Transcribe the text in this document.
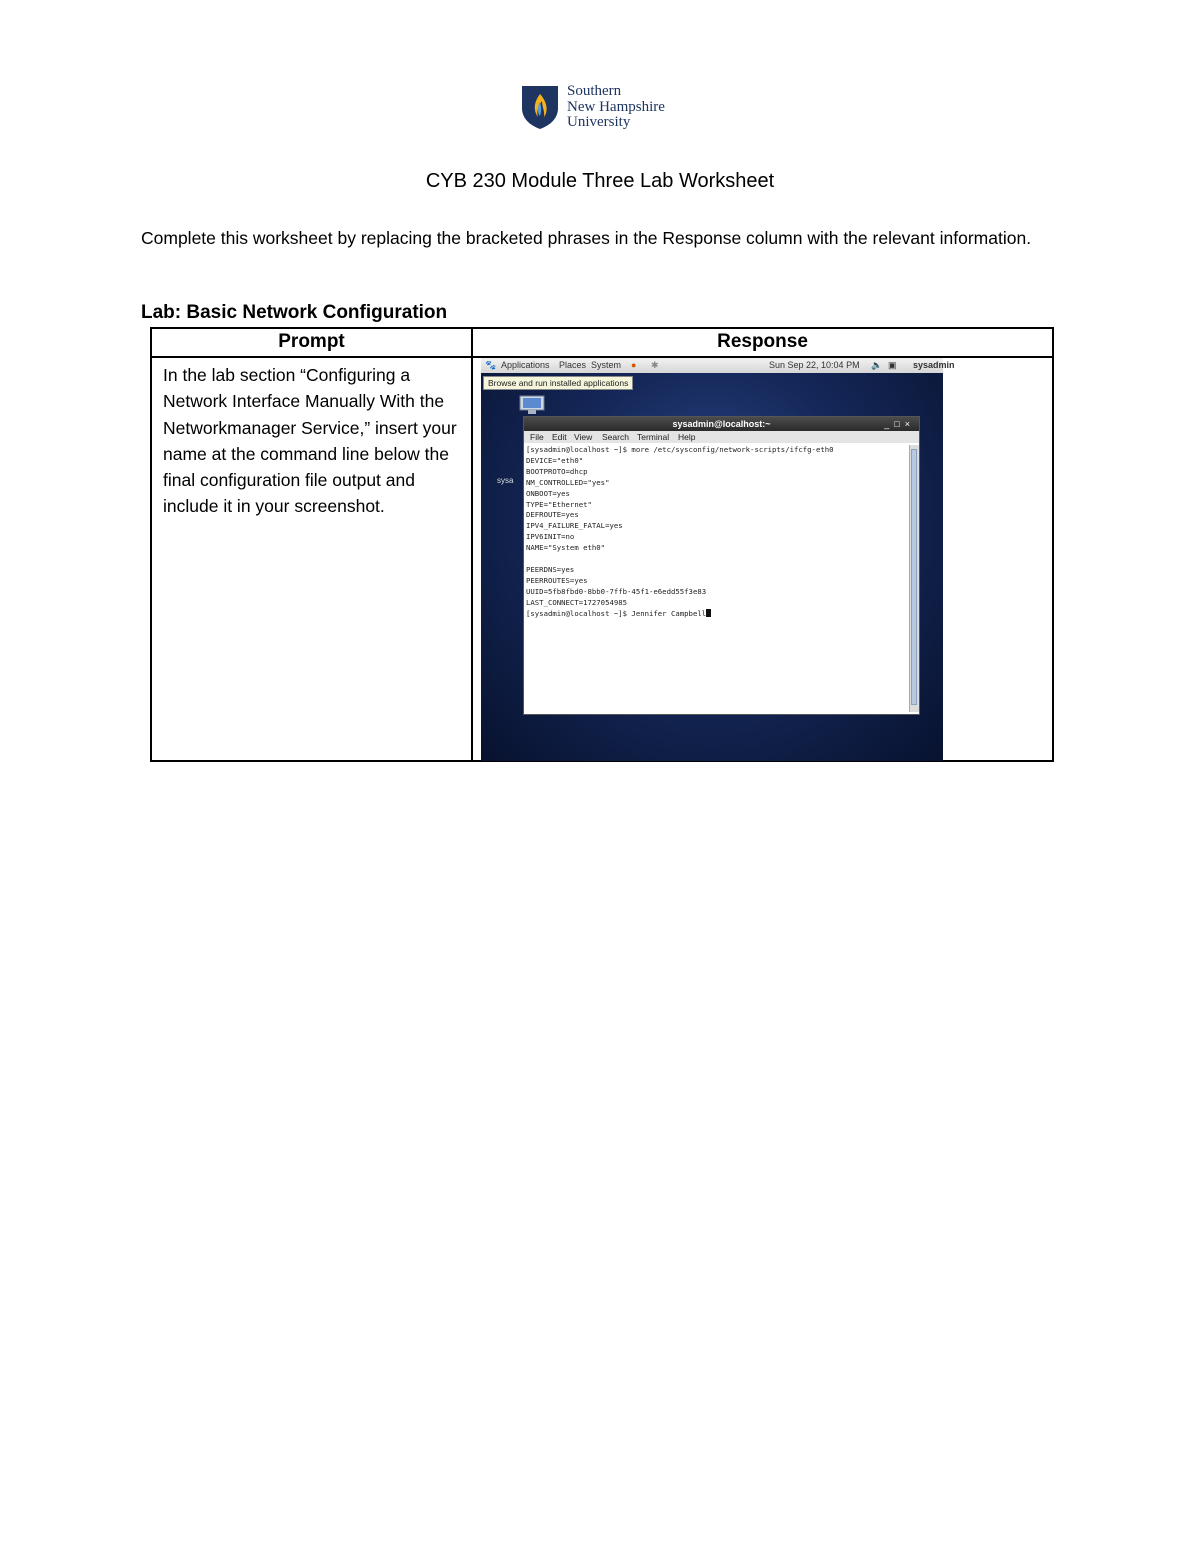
Southern
New Hampshire
University
CYB 230 Module Three Lab Worksheet
Complete this worksheet by replacing the bracketed phrases in the Response column with the relevant information.
Lab: Basic Network Configuration
Prompt	Response
In the lab section “Configuring a Network Interface Manually With the Networkmanager Service,” insert your name at the command line below the final configuration file output and include it in your screenshot.
🐾 Applications Places System ● ✱	Sun Sep 22, 10:04 PM 🔈 ▣ sysadmin
Browse and run installed applications
sysa
sysadmin@localhost:~	_□×
File Edit View Search Terminal Help
[sysadmin@localhost ~]$ more /etc/sysconfig/network-scripts/ifcfg-eth0
DEVICE="eth0"
BOOTPROTO=dhcp
NM_CONTROLLED="yes"
ONBOOT=yes
TYPE="Ethernet"
DEFROUTE=yes
IPV4_FAILURE_FATAL=yes
IPV6INIT=no
NAME="System eth0"
PEERDNS=yes
PEERROUTES=yes
UUID=5fb8fbd0-8bb0-7ffb-45f1-e6edd55f3e83
LAST_CONNECT=1727054985
[sysadmin@localhost ~]$ Jennifer Campbell
